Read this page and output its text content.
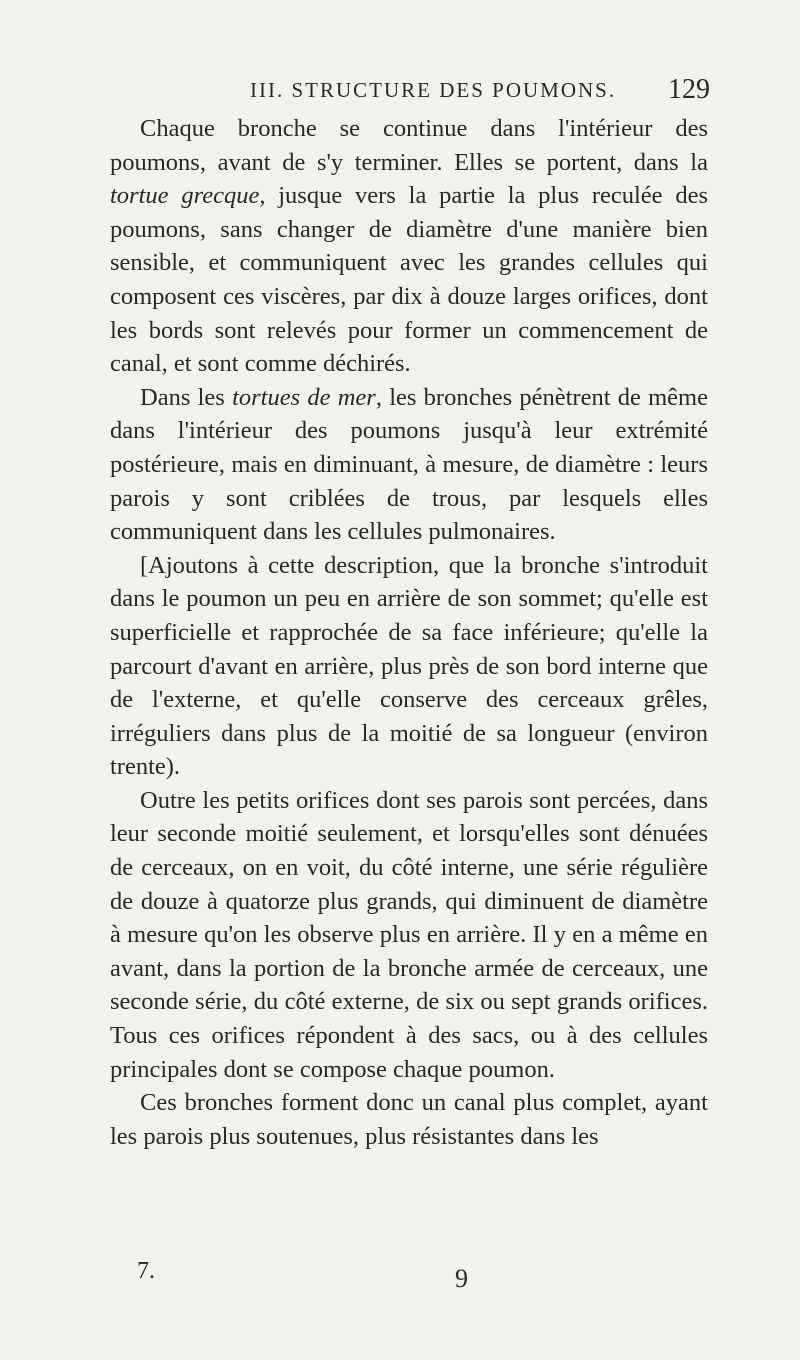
III. STRUCTURE DES POUMONS. 129

Chaque bronche se continue dans l'intérieur des poumons, avant de s'y terminer. Elles se portent, dans la tortue grecque, jusque vers la partie la plus reculée des poumons, sans changer de diamètre d'une manière bien sensible, et communiquent avec les grandes cellules qui composent ces viscères, par dix à douze larges orifices, dont les bords sont relevés pour former un commencement de canal, et sont comme déchirés.

Dans les tortues de mer, les bronches pénètrent de même dans l'intérieur des poumons jusqu'à leur extrémité postérieure, mais en diminuant, à mesure, de diamètre : leurs parois y sont criblées de trous, par lesquels elles communiquent dans les cellules pulmonaires.

[Ajoutons à cette description, que la bronche s'introduit dans le poumon un peu en arrière de son sommet; qu'elle est superficielle et rapprochée de sa face inférieure; qu'elle la parcourt d'avant en arrière, plus près de son bord interne que de l'externe, et qu'elle conserve des cerceaux grêles, irréguliers dans plus de la moitié de sa longueur (environ trente).

Outre les petits orifices dont ses parois sont percées, dans leur seconde moitié seulement, et lorsqu'elles sont dénuées de cerceaux, on en voit, du côté interne, une série régulière de douze à quatorze plus grands, qui diminuent de diamètre à mesure qu'on les observe plus en arrière. Il y en a même en avant, dans la portion de la bronche armée de cerceaux, une seconde série, du côté externe, de six ou sept grands orifices. Tous ces orifices répondent à des sacs, ou à des cellules principales dont se compose chaque poumon.

Ces bronches forment donc un canal plus complet, ayant les parois plus soutenues, plus résistantes dans les

7.	9
